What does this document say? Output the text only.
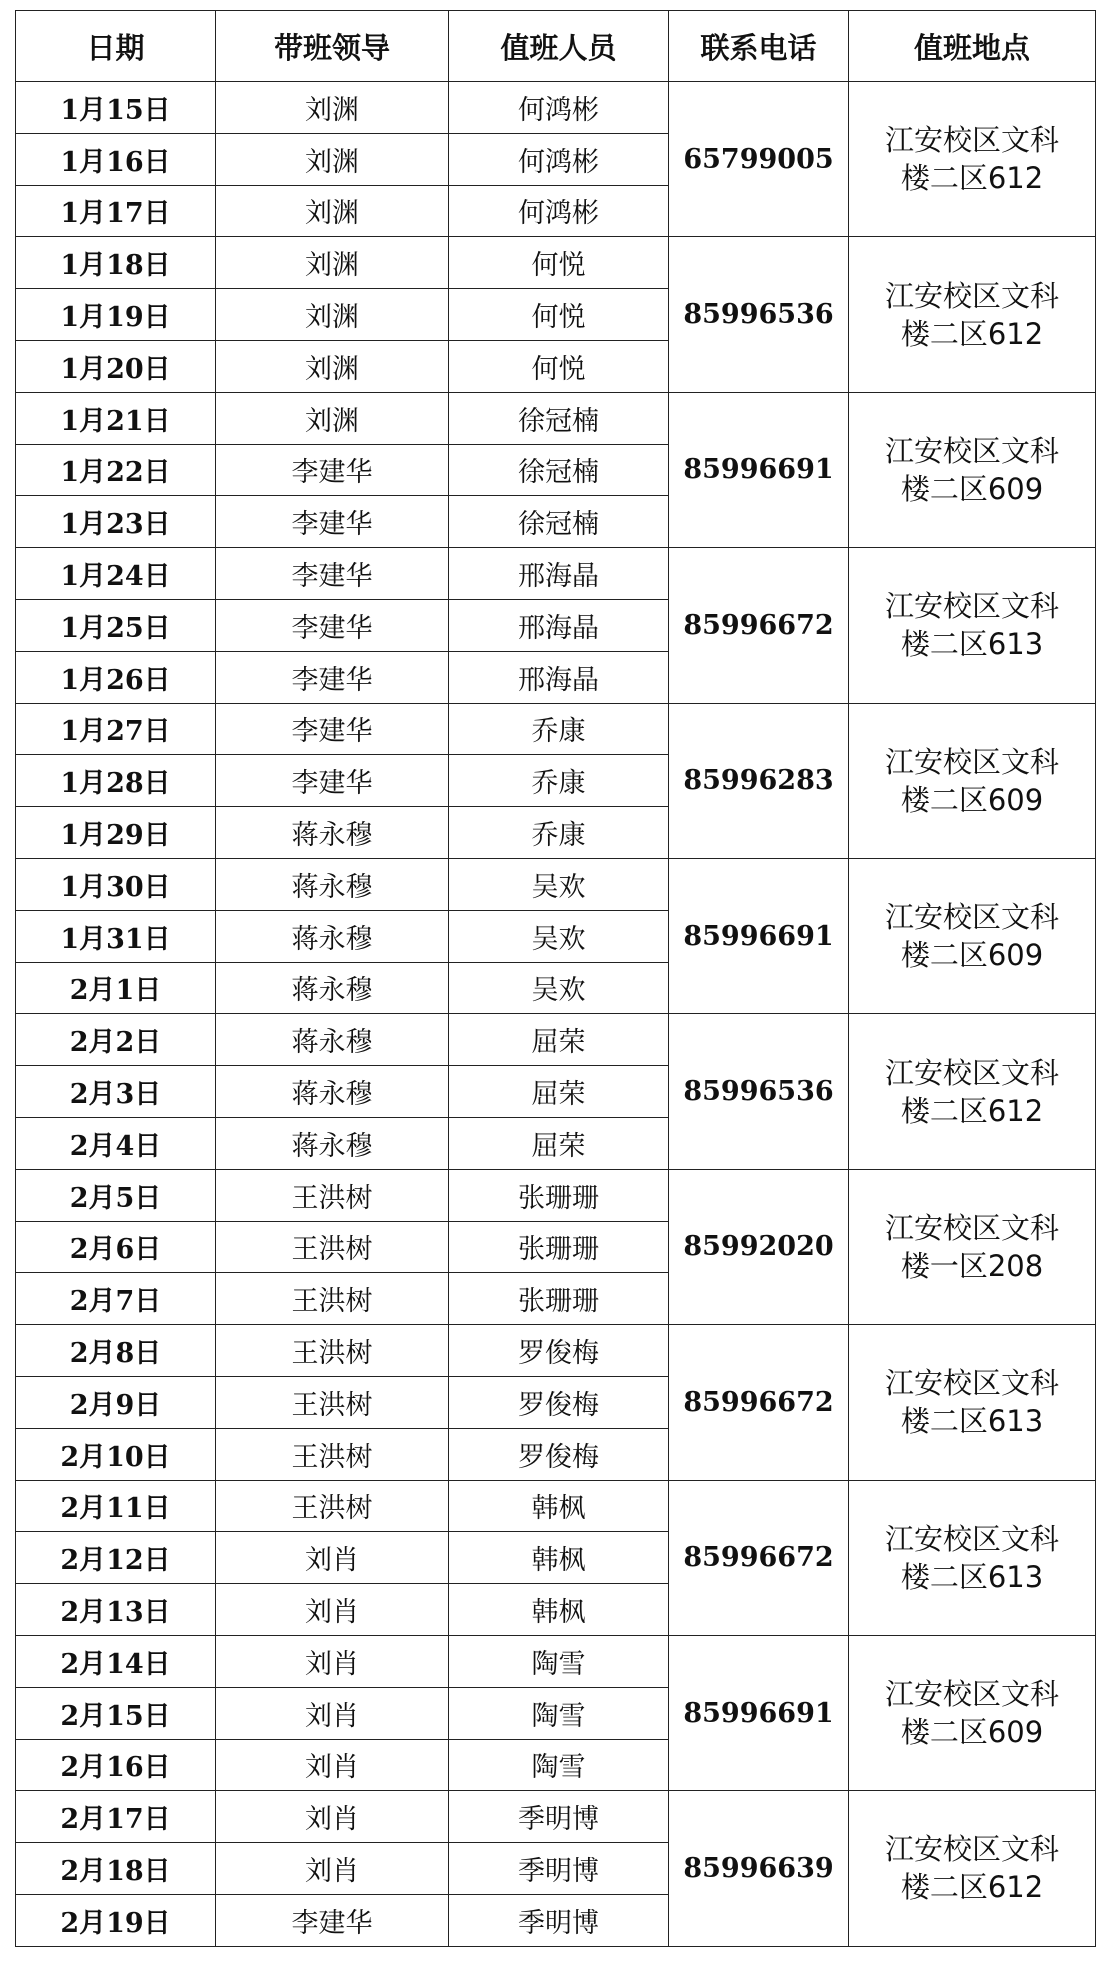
日期	带班领导	值班人员	联系电话	值班地点
1月15日	刘渊	何鸿彬	65799005	江安校区文科
楼二区612

1月16日	刘渊	何鸿彬		
1月17日	刘渊	何鸿彬		
1月18日	刘渊	何悦	85996536	江安校区文科
楼二区612

1月19日	刘渊	何悦		
1月20日	刘渊	何悦		
1月21日	刘渊	徐冠楠	85996691	江安校区文科
楼二区609

1月22日	李建华	徐冠楠		
1月23日	李建华	徐冠楠		
1月24日	李建华	邢海晶	85996672	江安校区文科
楼二区613

1月25日	李建华	邢海晶		
1月26日	李建华	邢海晶		
1月27日	李建华	乔康	85996283	江安校区文科
楼二区609

1月28日	李建华	乔康		
1月29日	蒋永穆	乔康		
1月30日	蒋永穆	吴欢	85996691	江安校区文科
楼二区609

1月31日	蒋永穆	吴欢		
2月1日	蒋永穆	吴欢		
2月2日	蒋永穆	屈荣	85996536	江安校区文科
楼二区612

2月3日	蒋永穆	屈荣		
2月4日	蒋永穆	屈荣		
2月5日	王洪树	张珊珊	85992020	江安校区文科
楼一区208

2月6日	王洪树	张珊珊		
2月7日	王洪树	张珊珊		
2月8日	王洪树	罗俊梅	85996672	江安校区文科
楼二区613

2月9日	王洪树	罗俊梅		
2月10日	王洪树	罗俊梅		
2月11日	王洪树	韩枫	85996672	江安校区文科
楼二区613

2月12日	刘肖	韩枫		
2月13日	刘肖	韩枫		
2月14日	刘肖	陶雪	85996691	江安校区文科
楼二区609

2月15日	刘肖	陶雪		
2月16日	刘肖	陶雪		
2月17日	刘肖	季明博	85996639	江安校区文科
楼二区612

2月18日	刘肖	季明博		
2月19日	李建华	季明博		
